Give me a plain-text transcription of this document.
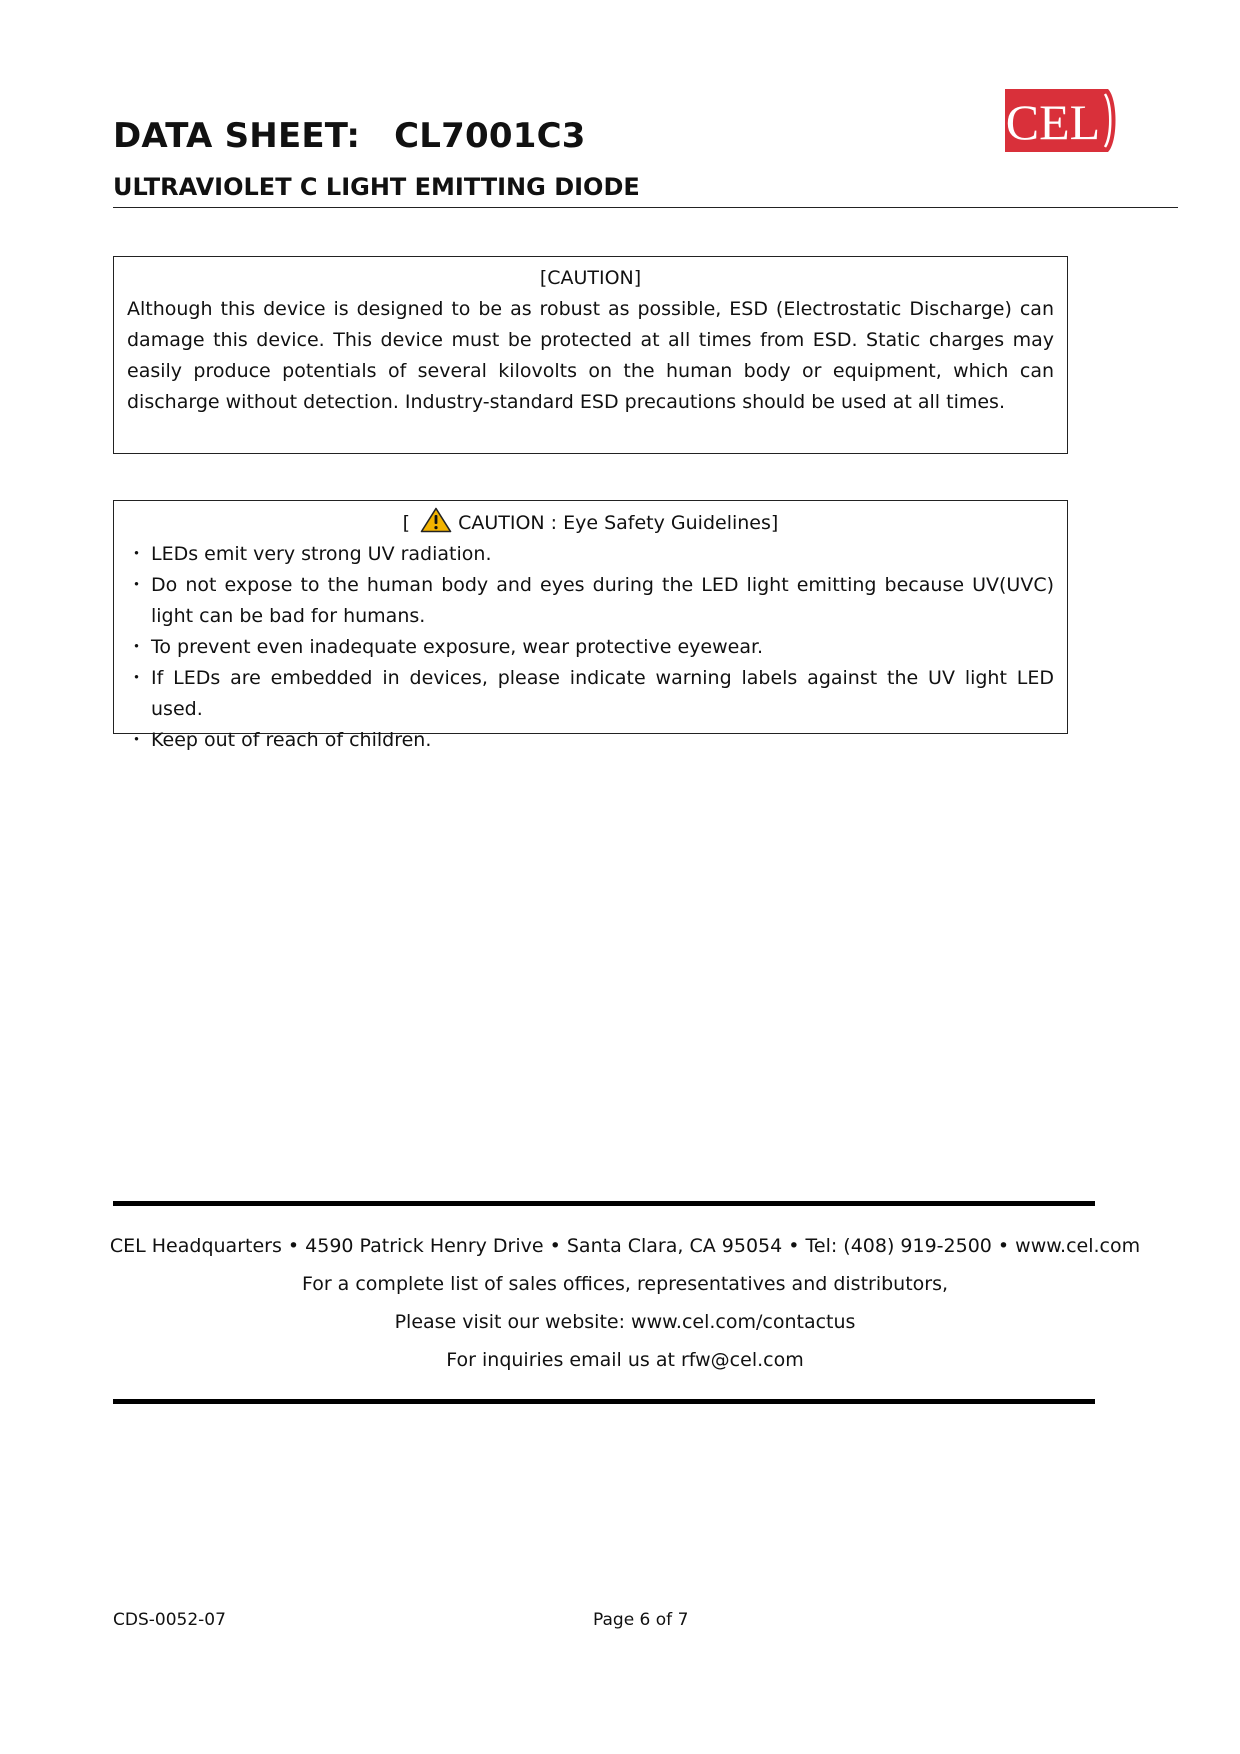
DATA SHEET: CL7001C3
ULTRAVIOLET C LIGHT EMITTING DIODE
CEL

[CAUTION]

Although this device is designed to be as robust as possible, ESD (Electrostatic Discharge) can damage this device. This device must be protected at all times from ESD. Static charges may easily produce potentials of several kilovolts on the human body or equipment, which can discharge without detection. Industry-standard ESD precautions should be used at all times.

[	CAUTION : Eye Safety Guidelines]

・ LEDs emit very strong UV radiation.
・ Do not expose to the human body and eyes during the LED light emitting because UV(UVC) light can be bad for humans.
・ To prevent even inadequate exposure, wear protective eyewear.
・ If LEDs are embedded in devices, please indicate warning labels against the UV light LED used.
・ Keep out of reach of children.

CEL Headquarters • 4590 Patrick Henry Drive • Santa Clara, CA 95054 • Tel: (408) 919-2500 • www.cel.com

For a complete list of sales offices, representatives and distributors,

Please visit our website: www.cel.com/contactus

For inquiries email us at rfw@cel.com

CDS-0052-07	Page 6 of 7
